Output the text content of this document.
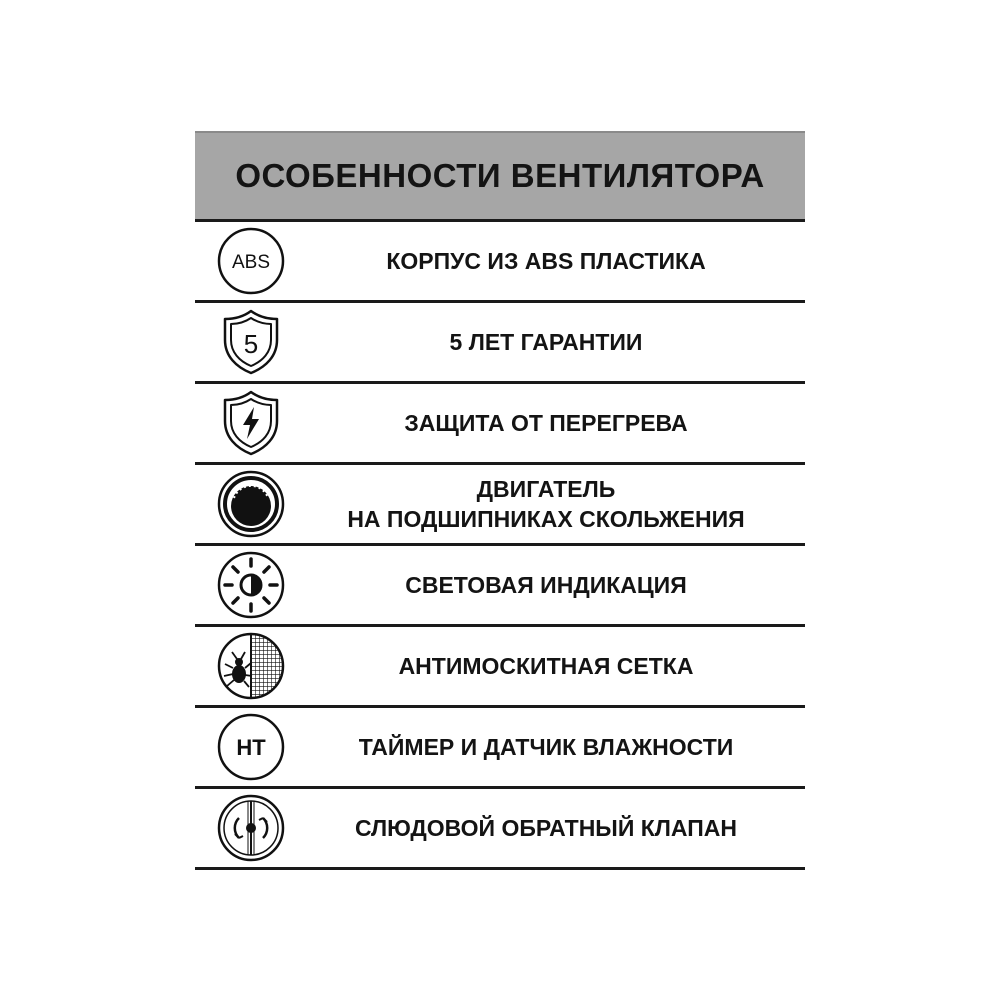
ОСОБЕННОСТИ ВЕНТИЛЯТОРА
ABS	КОРПУС ИЗ ABS ПЛАСТИКА
5	5 ЛЕТ ГАРАНТИИ
ЗАЩИТА ОТ ПЕРЕГРЕВА
ДВИГАТЕЛЬ
НА ПОДШИПНИКАХ СКОЛЬЖЕНИЯ
СВЕТОВАЯ ИНДИКАЦИЯ
АНТИМОСКИТНАЯ СЕТКА
HT	ТАЙМЕР И ДАТЧИК ВЛАЖНОСТИ
СЛЮДОВОЙ ОБРАТНЫЙ КЛАПАН
